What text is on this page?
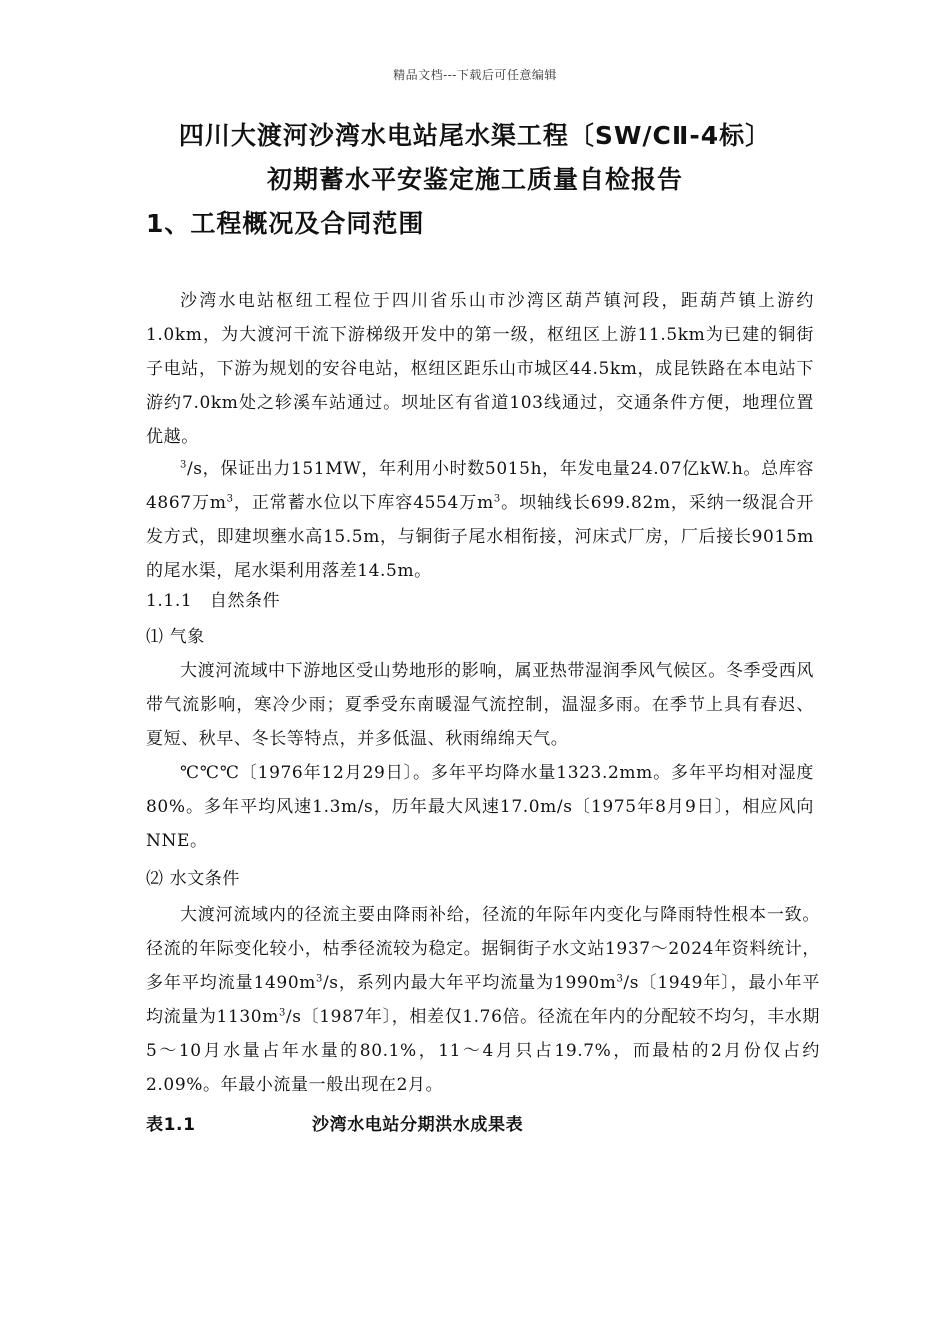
精品文档---下载后可任意编辑
四川大渡河沙湾水电站尾水渠工程〔SW/CⅡ-4标〕
初期蓄水平安鉴定施工质量自检报告
1、工程概况及合同范围
沙湾水电站枢纽工程位于四川省乐山市沙湾区葫芦镇河段，距葫芦镇上游约1.0km，为大渡河干流下游梯级开发中的第一级，枢纽区上游11.5km为已建的铜街子电站，下游为规划的安谷电站，枢纽区距乐山市城区44.5km，成昆铁路在本电站下游约7.0km处之轸溪车站通过。坝址区有省道103线通过，交通条件方便，地理位置优越。
$^3$/s，保证出力151MW，年利用小时数5015h，年发电量24.07亿kW.h。总库容4867万$m^3$，正常蓄水位以下库容4554万$m^3$。坝轴线长699.82m，采纳一级混合开发方式，即建坝壅水高15.5m，与铜街子尾水相衔接，河床式厂房，厂后接长9015m的尾水渠，尾水渠利用落差14.5m。
1.1.1　自然条件
⑴ 气象
大渡河流域中下游地区受山势地形的影响，属亚热带湿润季风气候区。冬季受西风带气流影响，寒冷少雨；夏季受东南暖湿气流控制，温湿多雨。在季节上具有春迟、夏短、秋早、冬长等特点，并多低温、秋雨绵绵天气。
℃℃℃〔1976年12月29日〕。多年平均降水量1323.2mm。多年平均相对湿度80%。多年平均风速1.3m/s，历年最大风速17.0m/s〔1975年8月9日〕，相应风向NNE。
⑵ 水文条件
大渡河流域内的径流主要由降雨补给，径流的年际年内变化与降雨特性根本一致。径流的年际变化较小，枯季径流较为稳定。据铜街子水文站1937～2024年资料统计，多年平均流量$1490m^3/s$，系列内最大年平均流量为$1990m^3/s$〔1949年〕，最小年平均流量为$1130m^3/s$〔1987年〕，相差仅1.76倍。径流在年内的分配较不均匀，丰水期5～10月水量占年水量的80.1%，11～4月只占19.7%，而最枯的2月份仅占约2.09%。年最小流量一般出现在2月。
表1.1	沙湾水电站分期洪水成果表
